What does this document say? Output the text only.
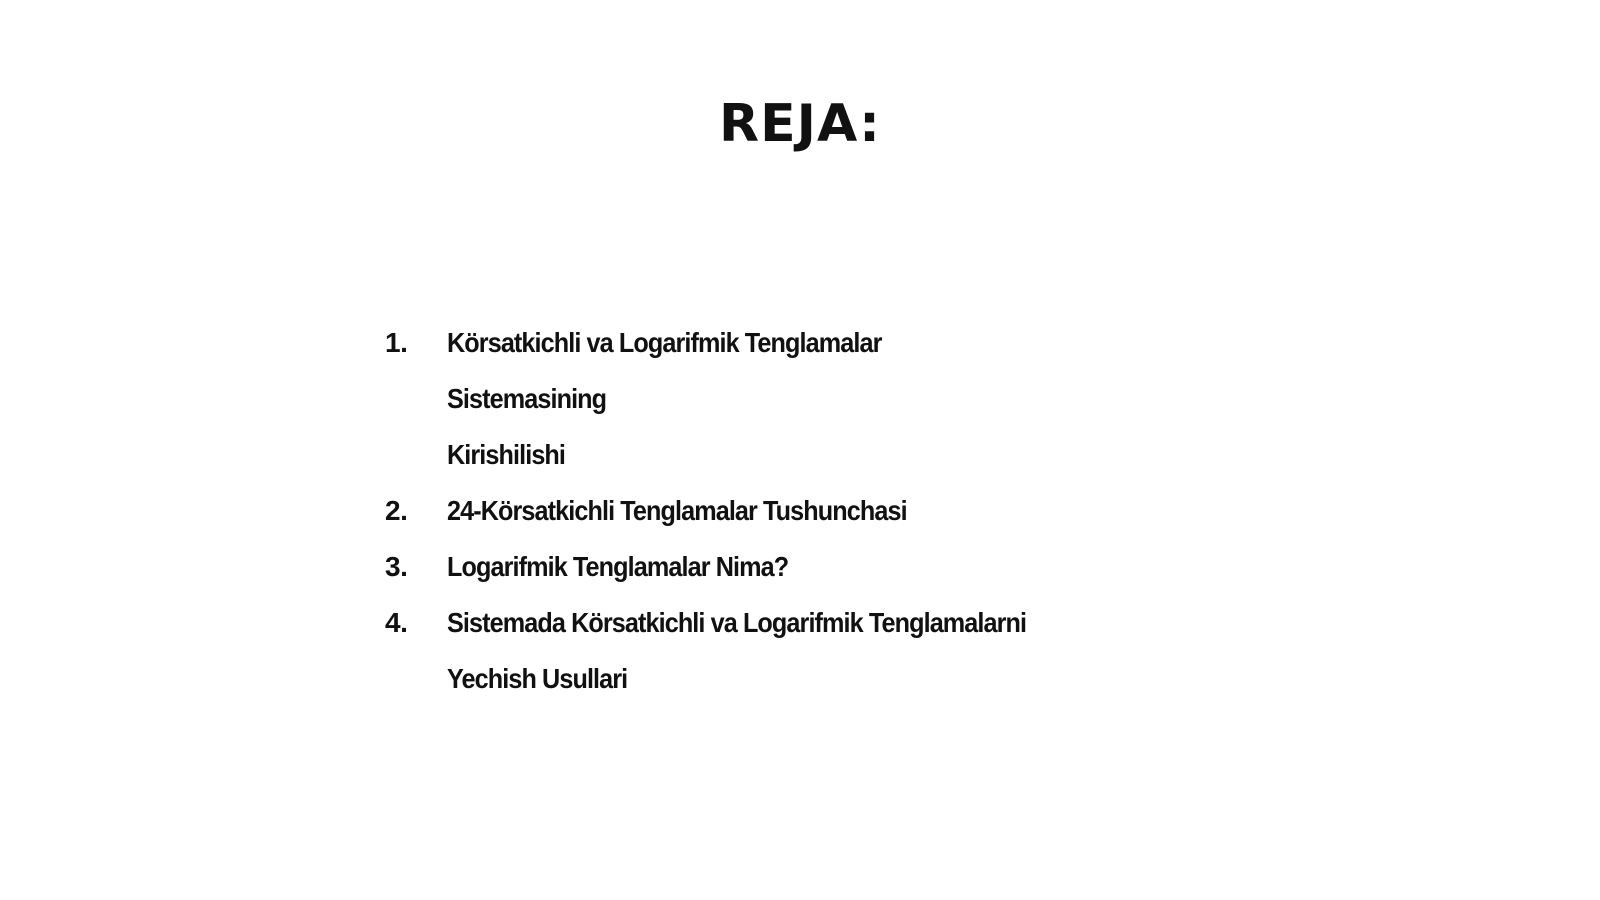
REJA:
1.	Körsatkichli va Logarifmik Tenglamalar Sistemasining
Kirishilishi
2.	24-Körsatkichli Tenglamalar Tushunchasi
3.	Logarifmik Tenglamalar Nima?
4.	Sistemada Körsatkichli va Logarifmik Tenglamalarni
Yechish Usullari
